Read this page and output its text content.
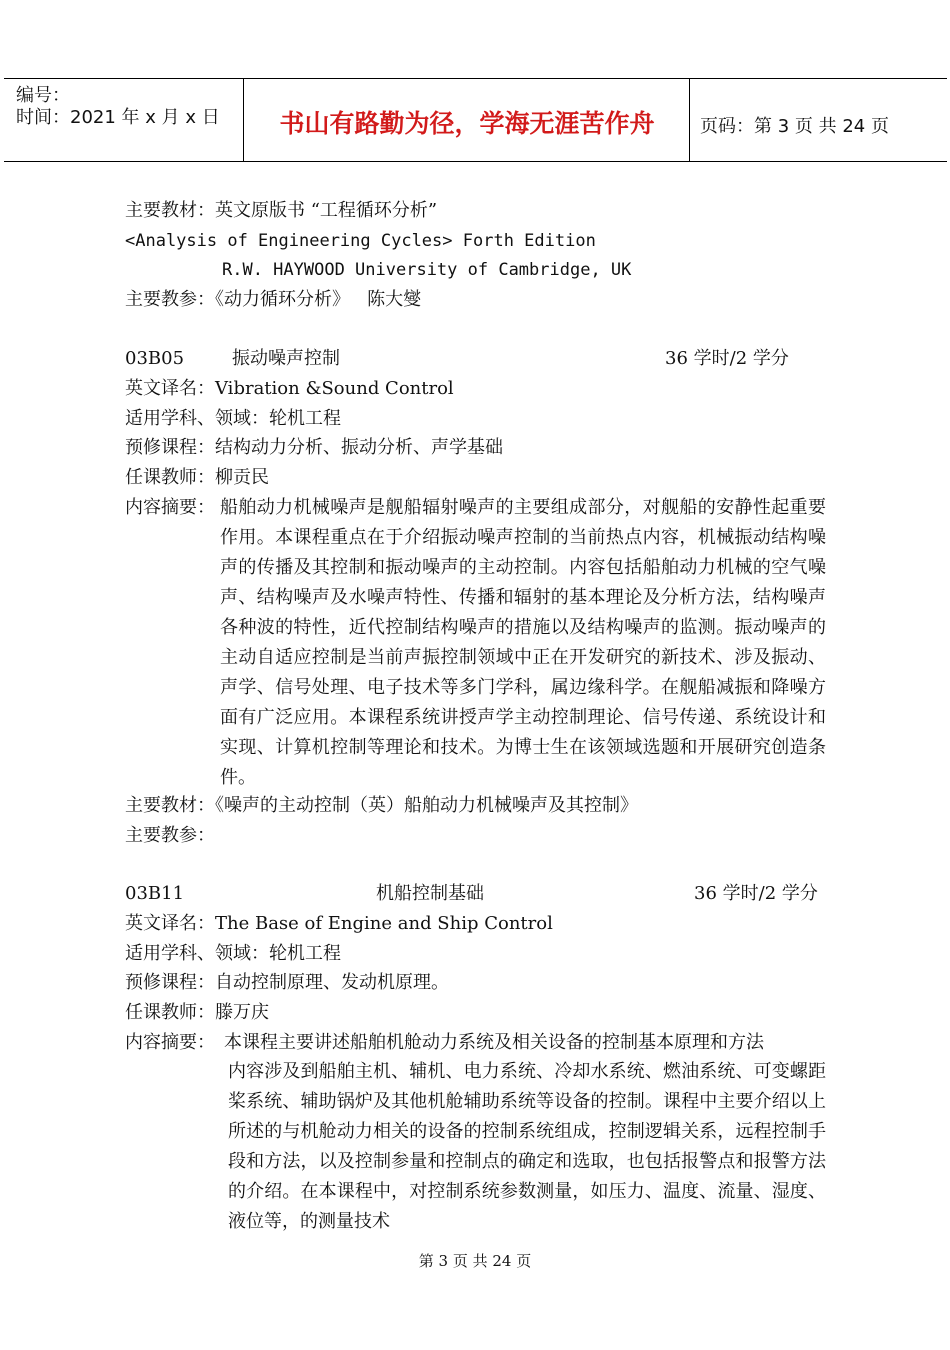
编号：
时间：2021 年 x 月 x 日	书山有路勤为径，学海无涯苦作舟	页码：第 3 页 共 24 页
主要教材：英文原版书 “工程循环分析”
<Analysis of Engineering Cycles> Forth Edition
R.W. HAYWOOD University of Cambridge, UK
主要教参：《动力循环分析》   陈大燮
03B05	振动噪声控制	36 学时/2 学分
英文译名：Vibration &Sound Control
适用学科、领域：轮机工程
预修课程：结构动力分析、振动分析、声学基础
任课教师：柳贡民
内容摘要： 船舶动力机械噪声是舰船辐射噪声的主要组成部分，对舰船的安静性起重要作用。本课程重点在于介绍振动噪声控制的当前热点内容，机械振动结构噪声的传播及其控制和振动噪声的主动控制。内容包括船舶动力机械的空气噪声、结构噪声及水噪声特性、传播和辐射的基本理论及分析方法，结构噪声各种波的特性，近代控制结构噪声的措施以及结构噪声的监测。振动噪声的主动自适应控制是当前声振控制领域中正在开发研究的新技术、涉及振动、声学、信号处理、电子技术等多门学科，属边缘科学。在舰船减振和降噪方面有广泛应用。本课程系统讲授声学主动控制理论、信号传递、系统设计和实现、计算机控制等理论和技术。为博士生在该领域选题和开展研究创造条件。
主要教材：《噪声的主动控制（英）船舶动力机械噪声及其控制》
主要教参：
03B11	机船控制基础	36 学时/2 学分
英文译名：The Base of Engine and Ship Control
适用学科、领域：轮机工程
预修课程：自动控制原理、发动机原理。
任课教师：滕万庆
内容摘要： 本课程主要讲述船舶机舱动力系统及相关设备的控制基本原理和方法
内容涉及到船舶主机、辅机、电力系统、冷却水系统、燃油系统、可变螺距桨系统、辅助锅炉及其他机舱辅助系统等设备的控制。课程中主要介绍以上所述的与机舱动力相关的设备的控制系统组成，控制逻辑关系，远程控制手段和方法，以及控制参量和控制点的确定和选取，也包括报警点和报警方法的介绍。在本课程中，对控制系统参数测量，如压力、温度、流量、湿度、液位等，的测量技术
第 3 页 共 24 页
